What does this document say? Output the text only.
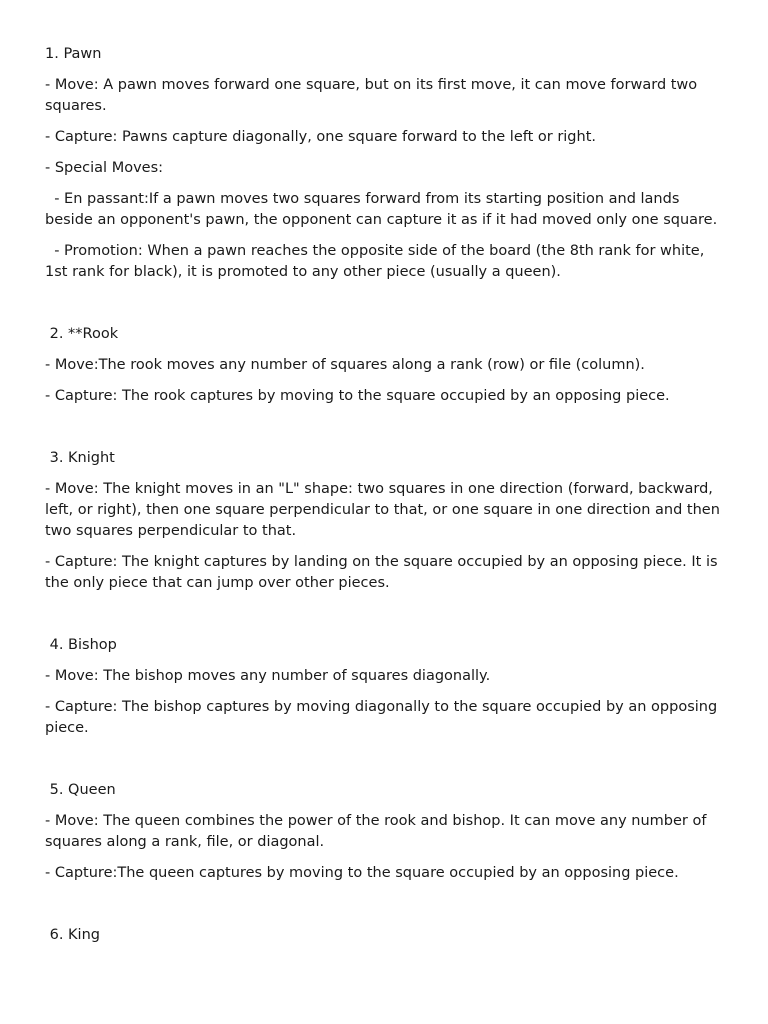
1. Pawn

- Move: A pawn moves forward one square, but on its first move, it can move forward two squares.

- Capture: Pawns capture diagonally, one square forward to the left or right.

- Special Moves:

- En passant:If a pawn moves two squares forward from its starting position and lands beside an opponent's pawn, the opponent can capture it as if it had moved only one square.

- Promotion: When a pawn reaches the opposite side of the board (the 8th rank for white, 1st rank for black), it is promoted to any other piece (usually a queen).

2. **Rook

- Move:The rook moves any number of squares along a rank (row) or file (column).

- Capture: The rook captures by moving to the square occupied by an opposing piece.

3. Knight

- Move: The knight moves in an "L" shape: two squares in one direction (forward, backward, left, or right), then one square perpendicular to that, or one square in one direction and then two squares perpendicular to that.

- Capture: The knight captures by landing on the square occupied by an opposing piece. It is the only piece that can jump over other pieces.

4. Bishop

- Move: The bishop moves any number of squares diagonally.

- Capture: The bishop captures by moving diagonally to the square occupied by an opposing piece.

5. Queen

- Move: The queen combines the power of the rook and bishop. It can move any number of squares along a rank, file, or diagonal.

- Capture:The queen captures by moving to the square occupied by an opposing piece.

6. King
